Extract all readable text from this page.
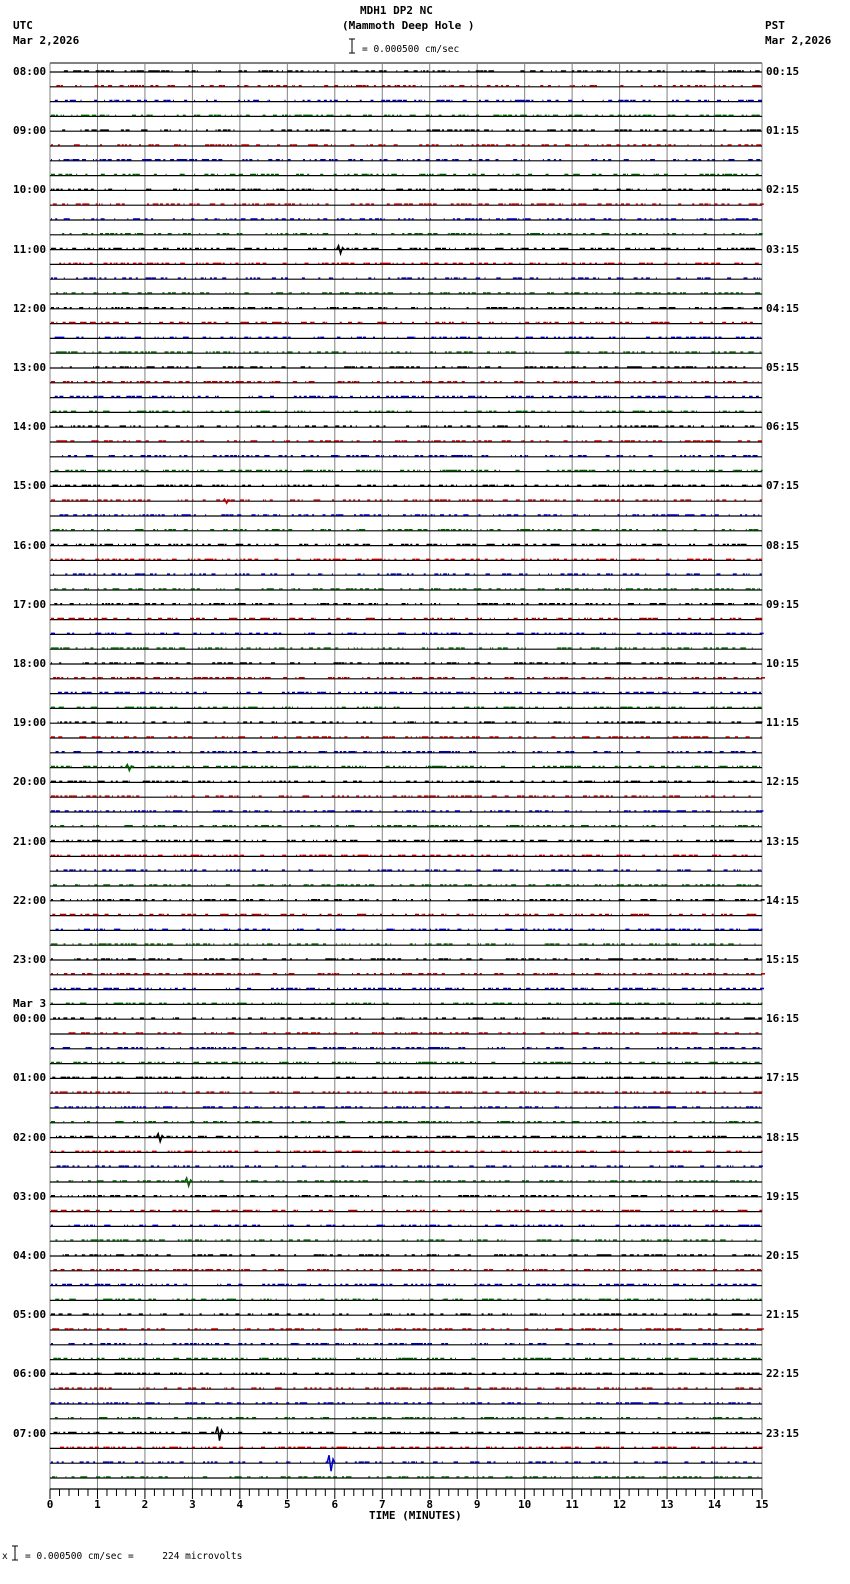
MDH1 DP2 NC
(Mammoth Deep Hole )
UTC
Mar 2,2026
PST
Mar 2,2026
= 0.000500 cm/sec
08:00
09:00
10:00
11:00
12:00
13:00
14:00
15:00
16:00
17:00
18:00
19:00
20:00
21:00
22:00
23:00
Mar 3
00:00
01:00
02:00
03:00
04:00
05:00
06:00
07:00
00:15
01:15
02:15
03:15
04:15
05:15
06:15
07:15
08:15
09:15
10:15
11:15
12:15
13:15
14:15
15:15
16:15
17:15
18:15
19:15
20:15
21:15
22:15
23:15
0	1	2	3	4	5	6	7	8	9	10	11	12	13	14	15
TIME (MINUTES)
x = 0.000500 cm/sec =     224 microvolts
